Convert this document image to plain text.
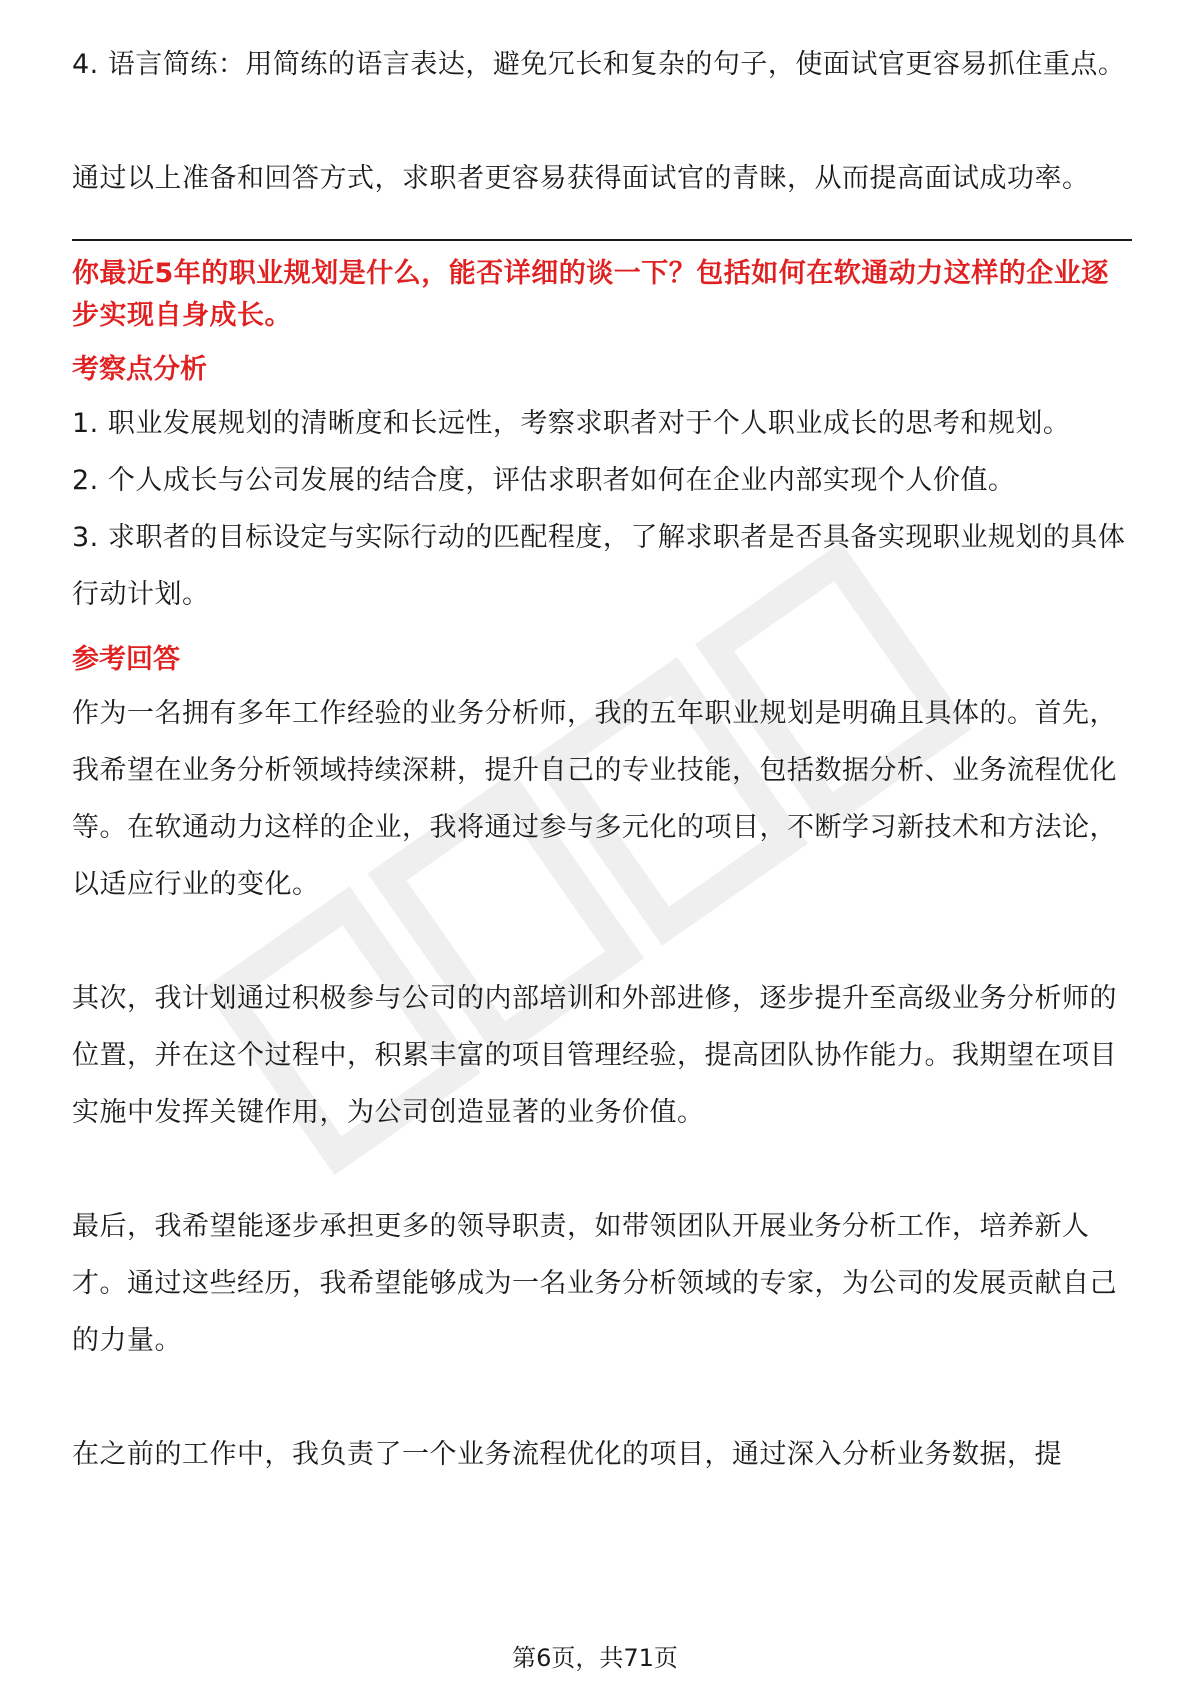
4. 语言简练：用简练的语言表达，避免冗长和复杂的句子，使面试官更容易抓住重点。

通过以上准备和回答方式，求职者更容易获得面试官的青睐，从而提高面试成功率。

你最近5年的职业规划是什么，能否详细的谈一下？包括如何在软通动力这样的企业逐步实现自身成长。

考察点分析

1. 职业发展规划的清晰度和长远性，考察求职者对于个人职业成长的思考和规划。

2. 个人成长与公司发展的结合度，评估求职者如何在企业内部实现个人价值。

3. 求职者的目标设定与实际行动的匹配程度，了解求职者是否具备实现职业规划的具体行动计划。

参考回答

作为一名拥有多年工作经验的业务分析师，我的五年职业规划是明确且具体的。首先，我希望在业务分析领域持续深耕，提升自己的专业技能，包括数据分析、业务流程优化等。在软通动力这样的企业，我将通过参与多元化的项目，不断学习新技术和方法论，以适应行业的变化。

其次，我计划通过积极参与公司的内部培训和外部进修，逐步提升至高级业务分析师的位置，并在这个过程中，积累丰富的项目管理经验，提高团队协作能力。我期望在项目实施中发挥关键作用，为公司创造显著的业务价值。

最后，我希望能逐步承担更多的领导职责，如带领团队开展业务分析工作，培养新人才。通过这些经历，我希望能够成为一名业务分析领域的专家，为公司的发展贡献自己的力量。

在之前的工作中，我负责了一个业务流程优化的项目，通过深入分析业务数据，提

第6页，共71页
